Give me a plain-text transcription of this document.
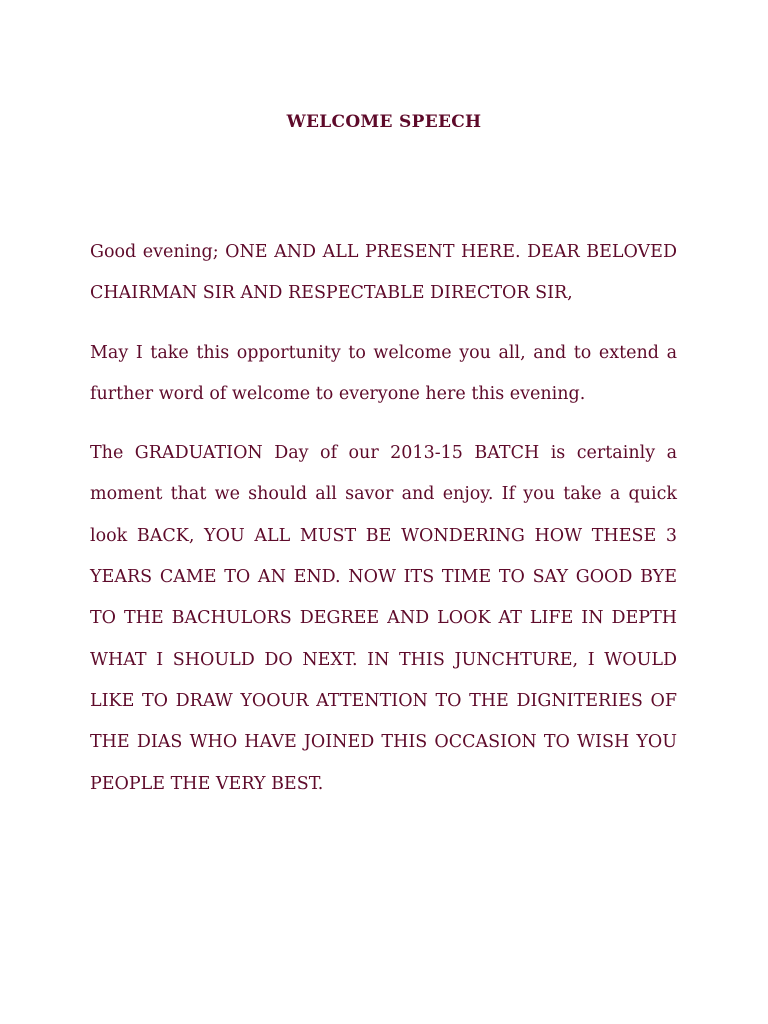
WELCOME SPEECH

Good evening; ONE AND ALL PRESENT HERE. DEAR BELOVED CHAIRMAN SIR AND RESPECTABLE DIRECTOR SIR,

May I take this opportunity to welcome you all, and to extend a further word of welcome to everyone here this evening.

The GRADUATION Day of our 2013-15 BATCH is certainly a moment that we should all savor and enjoy. If you take a quick look BACK, YOU ALL MUST BE WONDERING HOW THESE 3 YEARS CAME TO AN END. NOW ITS TIME TO SAY GOOD BYE TO THE BACHULORS DEGREE AND LOOK AT LIFE IN DEPTH WHAT I SHOULD DO NEXT. IN THIS JUNCHTURE, I WOULD LIKE TO DRAW YOOUR ATTENTION TO THE DIGNITERIES OF THE DIAS WHO HAVE JOINED THIS OCCASION TO WISH YOU PEOPLE THE VERY BEST.
